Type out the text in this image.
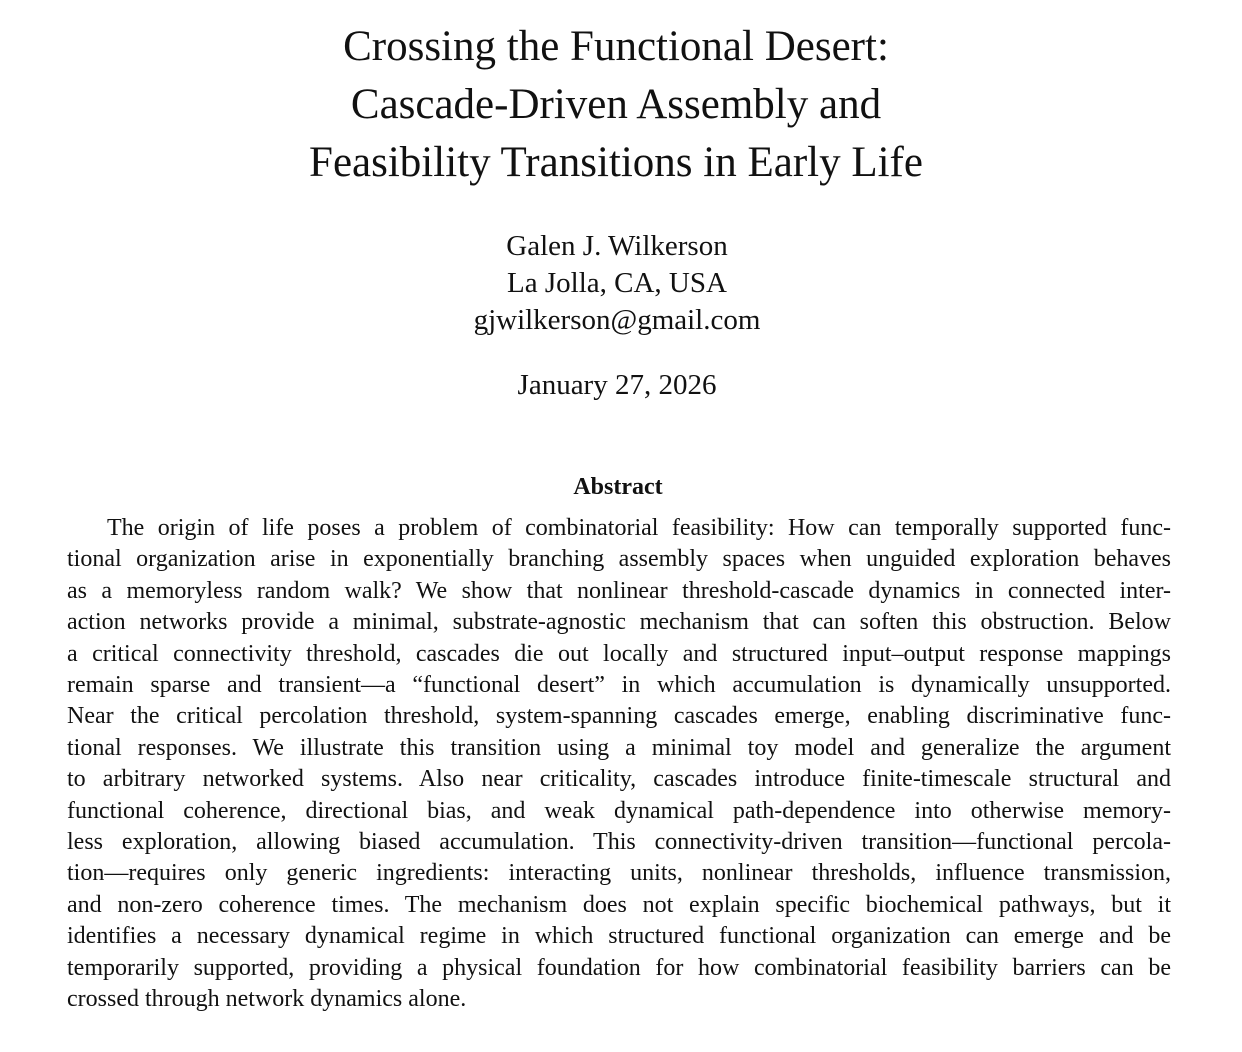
Crossing the Functional Desert:
Cascade-Driven Assembly and
Feasibility Transitions in Early Life
Galen J. Wilkerson
La Jolla, CA, USA
gjwilkerson@gmail.com
January 27, 2026
Abstract
The origin of life poses a problem of combinatorial feasibility: How can temporally supported func-
tional organization arise in exponentially branching assembly spaces when unguided exploration behaves
as a memoryless random walk? We show that nonlinear threshold-cascade dynamics in connected inter-
action networks provide a minimal, substrate-agnostic mechanism that can soften this obstruction. Below
a critical connectivity threshold, cascades die out locally and structured input–output response mappings
remain sparse and transient—a “functional desert” in which accumulation is dynamically unsupported.
Near the critical percolation threshold, system-spanning cascades emerge, enabling discriminative func-
tional responses. We illustrate this transition using a minimal toy model and generalize the argument
to arbitrary networked systems. Also near criticality, cascades introduce finite-timescale structural and
functional coherence, directional bias, and weak dynamical path-dependence into otherwise memory-
less exploration, allowing biased accumulation. This connectivity-driven transition—functional percola-
tion—requires only generic ingredients: interacting units, nonlinear thresholds, influence transmission,
and non-zero coherence times. The mechanism does not explain specific biochemical pathways, but it
identifies a necessary dynamical regime in which structured functional organization can emerge and be
temporarily supported, providing a physical foundation for how combinatorial feasibility barriers can be
crossed through network dynamics alone.
